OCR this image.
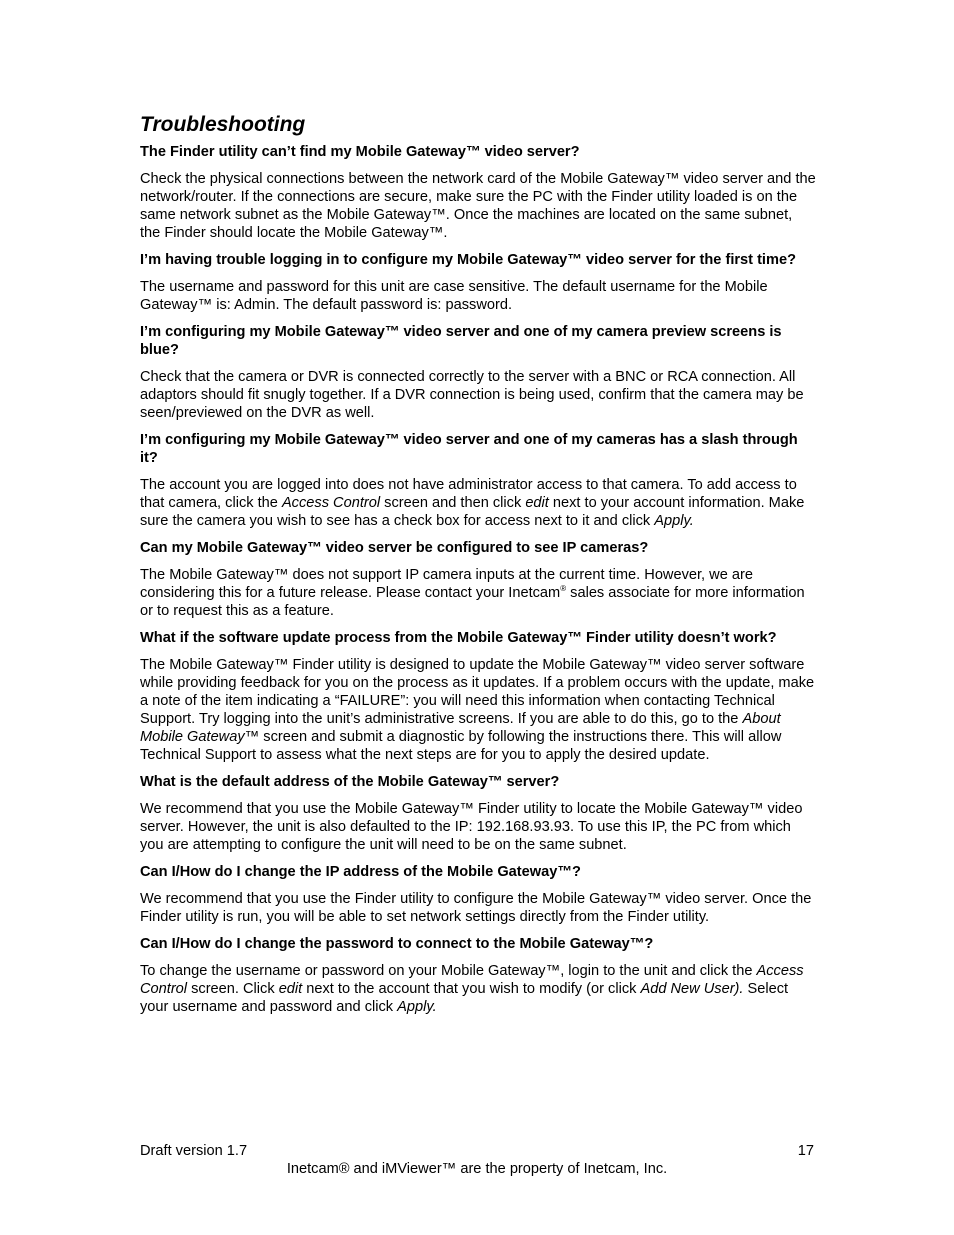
Troubleshooting
The Finder utility can’t find my Mobile Gateway™ video server?
Check the physical connections between the network card of the Mobile Gateway™ video server and the network/router. If the connections are secure, make sure the PC with the Finder utility loaded is on the same network subnet as the Mobile Gateway™. Once the machines are located on the same subnet, the Finder should locate the Mobile Gateway™.
I’m having trouble logging in to configure my Mobile Gateway™ video server for the first time?
The username and password for this unit are case sensitive. The default username for the Mobile Gateway™ is: Admin. The default password is: password.
I’m configuring my Mobile Gateway™ video server and one of my camera preview screens is blue?
Check that the camera or DVR is connected correctly to the server with a BNC or RCA connection. All adaptors should fit snugly together. If a DVR connection is being used, confirm that the camera may be seen/previewed on the DVR as well.
I’m configuring my Mobile Gateway™ video server and one of my cameras has a slash through it?
The account you are logged into does not have administrator access to that camera. To add access to that camera, click the Access Control screen and then click edit next to your account information. Make sure the camera you wish to see has a check box for access next to it and click Apply.
Can my Mobile Gateway™ video server be configured to see IP cameras?
The Mobile Gateway™ does not support IP camera inputs at the current time. However, we are considering this for a future release. Please contact your Inetcam® sales associate for more information or to request this as a feature.
What if the software update process from the Mobile Gateway™ Finder utility doesn’t work?
The Mobile Gateway™ Finder utility is designed to update the Mobile Gateway™ video server software while providing feedback for you on the process as it updates. If a problem occurs with the update, make a note of the item indicating a “FAILURE”: you will need this information when contacting Technical Support. Try logging into the unit’s administrative screens. If you are able to do this, go to the About Mobile Gateway™ screen and submit a diagnostic by following the instructions there. This will allow Technical Support to assess what the next steps are for you to apply the desired update.
What is the default address of the Mobile Gateway™ server?
We recommend that you use the Mobile Gateway™ Finder utility to locate the Mobile Gateway™ video server. However, the unit is also defaulted to the IP: 192.168.93.93. To use this IP, the PC from which you are attempting to configure the unit will need to be on the same subnet.
Can I/How do I change the IP address of the Mobile Gateway™?
We recommend that you use the Finder utility to configure the Mobile Gateway™ video server. Once the Finder utility is run, you will be able to set network settings directly from the Finder utility.
Can I/How do I change the password to connect to the Mobile Gateway™?
To change the username or password on your Mobile Gateway™, login to the unit and click the Access Control screen. Click edit next to the account that you wish to modify (or click Add New User). Select your username and password and click Apply.
Draft version 1.7	17
Inetcam® and iMViewer™ are the property of Inetcam, Inc.
